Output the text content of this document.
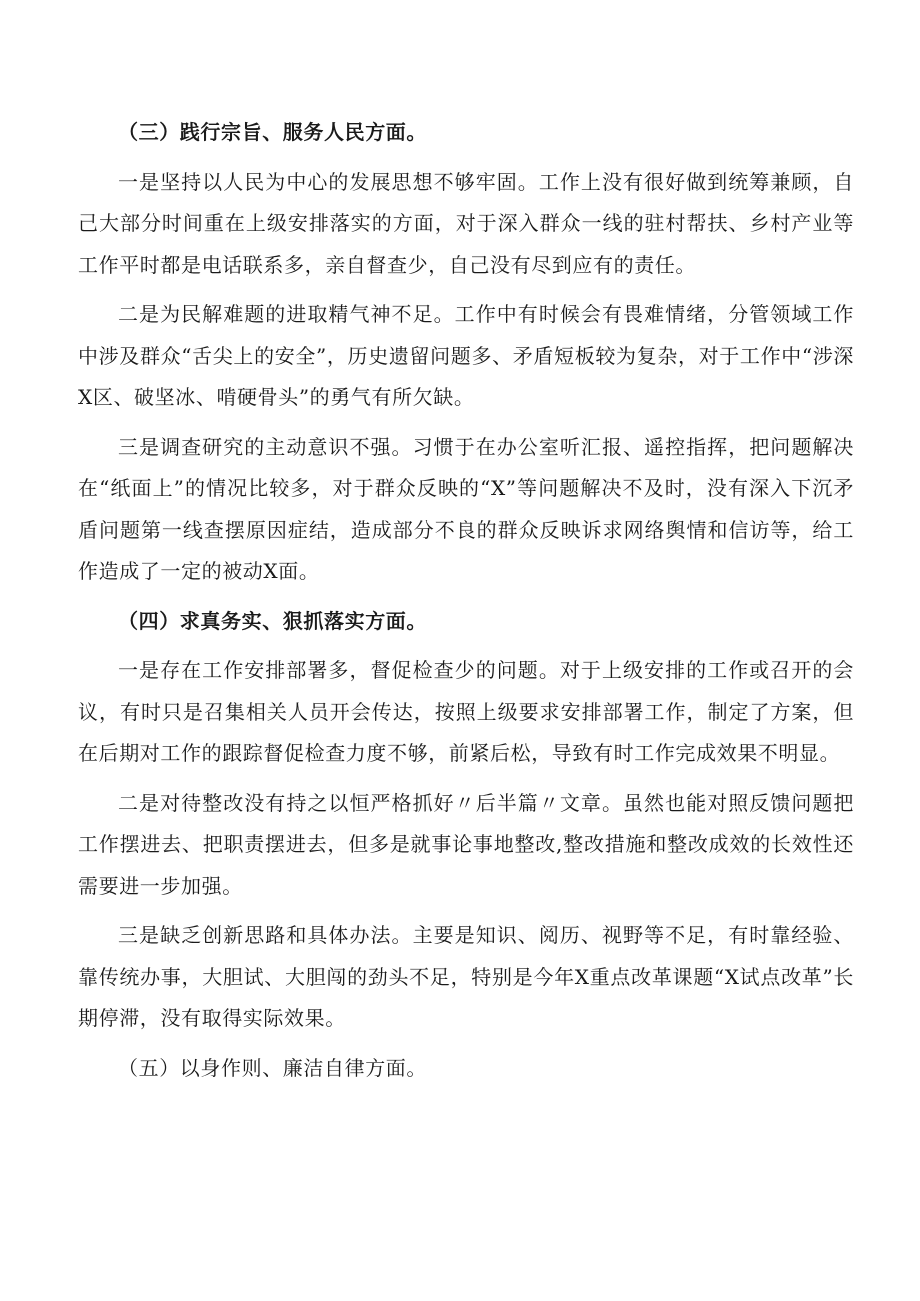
（三）践行宗旨、服务人民方面。

一是坚持以人民为中心的发展思想不够牢固。工作上没有很好做到统筹兼顾，自己大部分时间重在上级安排落实的方面，对于深入群众一线的驻村帮扶、乡村产业等工作平时都是电话联系多，亲自督查少，自己没有尽到应有的责任。

二是为民解难题的进取精气神不足。工作中有时候会有畏难情绪，分管领域工作中涉及群众“舌尖上的安全”，历史遗留问题多、矛盾短板较为复杂，对于工作中“涉深X区、破坚冰、啃硬骨头”的勇气有所欠缺。

三是调查研究的主动意识不强。习惯于在办公室听汇报、遥控指挥，把问题解决在“纸面上”的情况比较多，对于群众反映的“X”等问题解决不及时，没有深入下沉矛盾问题第一线查摆原因症结，造成部分不良的群众反映诉求网络舆情和信访等，给工作造成了一定的被动X面。

（四）求真务实、狠抓落实方面。

一是存在工作安排部署多，督促检查少的问题。对于上级安排的工作或召开的会议，有时只是召集相关人员开会传达，按照上级要求安排部署工作，制定了方案，但在后期对工作的跟踪督促检查力度不够，前紧后松，导致有时工作完成效果不明显。

二是对待整改没有持之以恒严格抓好〃后半篇〃文章。虽然也能对照反馈问题把工作摆进去、把职责摆进去，但多是就事论事地整改,整改措施和整改成效的长效性还需要进一步加强。

三是缺乏创新思路和具体办法。主要是知识、阅历、视野等不足，有时靠经验、靠传统办事，大胆试、大胆闯的劲头不足，特别是今年X重点改革课题“X试点改革”长期停滞，没有取得实际效果。

（五）以身作则、廉洁自律方面。
